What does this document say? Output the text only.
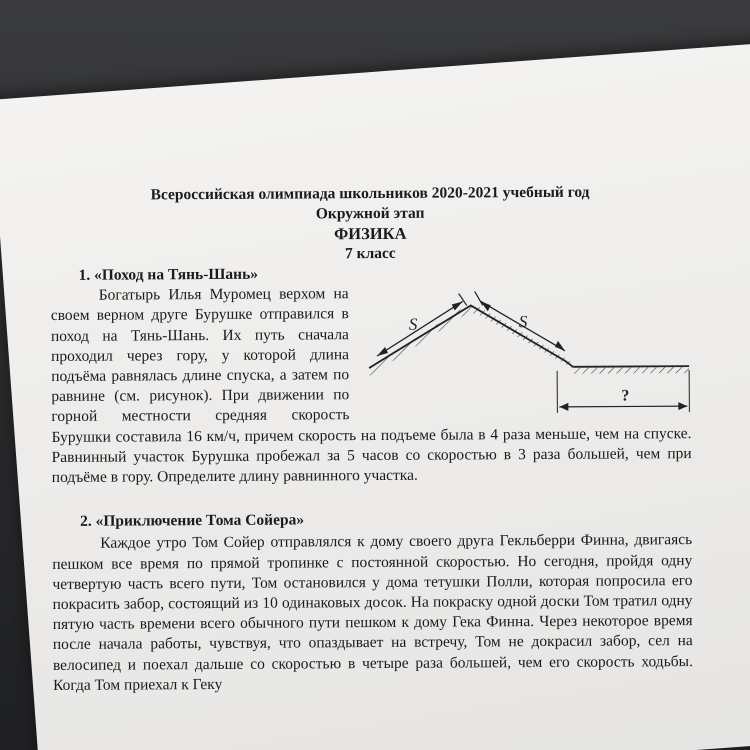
Всероссийская олимпиада школьников 2020-2021 учебный год

Окружной этап

ФИЗИКА

7 класс

1. «Поход на Тянь-Шань»

S	S
?

Богатырь Илья Муромец верхом на своем верном друге Бурушке отправился в поход на Тянь-Шань. Их путь сначала проходил через гору, у которой длина подъёма равнялась длине спуска, а затем по равнине (см. рисунок). При движении по горной местности средняя скорость Бурушки составила 16 км/ч, причем скорость на подъеме была в 4 раза меньше, чем на спуске. Равнинный участок Бурушка пробежал за 5 часов со скоростью в 3 раза большей, чем при подъёме в гору. Определите длину равнинного участка.

2. «Приключение Тома Сойера»

Каждое утро Том Сойер отправлялся к дому своего друга Гекльберри Финна, двигаясь пешком все время по прямой тропинке с постоянной скоростью. Но сегодня, пройдя одну четвертую часть всего пути, Том остановился у дома тетушки Полли, которая попросила его покрасить забор, состоящий из 10 одинаковых досок. На покраску одной доски Том тратил одну пятую часть времени всего обычного пути пешком к дому Гека Финна. Через некоторое время после начала работы, чувствуя, что опаздывает на встречу, Том не докрасил забор, сел на велосипед и поехал дальше со скоростью в четыре раза большей, чем его скорость ходьбы. Когда Том приехал к Геку
